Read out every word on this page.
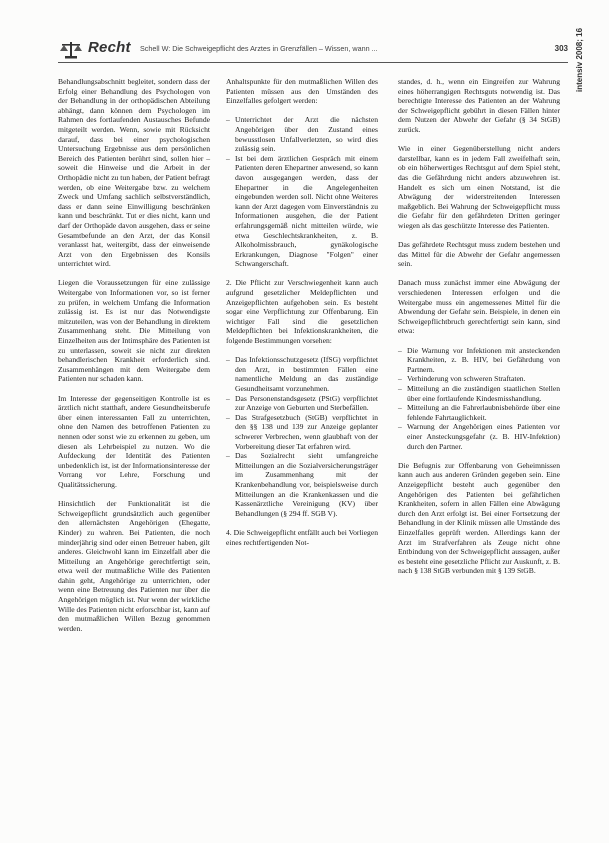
Recht Schell W: Die Schweigepflicht des Arztes in Grenzfällen – Wissen, wann ...	303 intensiv 2008; 16

Behandlungsabschnitt begleitet, sondern dass der Erfolg einer Behandlung des Psychologen von der Behandlung in der orthopädischen Abteilung abhängt, dann können dem Psychologen im Rahmen des fortlaufenden Austausches Befunde mitgeteilt werden. Wenn, sowie mit Rücksicht darauf, dass bei einer psychologischen Untersuchung Ergebnisse aus dem persönlichen Bereich des Patienten berührt sind, sollen hier – soweit die Hinweise und die Arbeit in der Orthopädie nicht zu tun haben, der Patient befragt werden, ob eine Weitergabe bzw. zu welchem Zweck und Umfang sachlich selbstverständlich, dass er dann seine Einwilligung beschränken kann und beschränkt. Tut er dies nicht, kann und darf der Orthopäde davon ausgehen, dass er seine Gesamtbefunde an den Arzt, der das Konsil veranlasst hat, weitergibt, dass der einweisende Arzt von den Ergebnissen des Konsils unterrichtet wird.

Liegen die Voraussetzungen für eine zulässige Weitergabe von Informationen vor, so ist ferner zu prüfen, in welchem Umfang die Information zulässig ist. Es ist nur das Notwendigste mitzuteilen, was von der Behandlung in direktem Zusammenhang steht. Die Mitteilung von Einzelheiten aus der Intimsphäre des Patienten ist zu unterlassen, soweit sie nicht zur direkten behandlerischen Krankheit erforderlich sind. Zusammenhängen mit dem Weitergabe dem Patienten nur schaden kann.

Im Interesse der gegenseitigen Kontrolle ist es ärztlich nicht statthaft, andere Gesundheitsberufe über einen interessanten Fall zu unterrichten, ohne den Namen des betroffenen Patienten zu nennen oder sonst wie zu erkennen zu geben, um diesen als Lehrbeispiel zu nutzen. Wo die Aufdeckung der Identität des Patienten unbedenklich ist, ist der Informationsinteresse der Vorrang vor Lehre, Forschung und Qualitätssicherung.

Hinsichtlich der Funktionalität ist die Schweigepflicht grundsätzlich auch gegenüber den allernächsten Angehörigen (Ehegatte, Kinder) zu wahren. Bei Patienten, die noch minderjährig sind oder einen Betreuer haben, gilt anderes. Gleichwohl kann im Einzelfall aber die Mitteilung an Angehörige gerechtfertigt sein, etwa weil der mutmaßliche Wille des Patienten dahin geht, Angehörige zu unterrichten, oder wenn eine Betreuung des Patienten nur über die Angehörigen möglich ist. Nur wenn der wirkliche Wille des Patienten nicht erforschbar ist, kann auf den mutmaßlichen Willen Bezug genommen werden.

Anhaltspunkte für den mutmaßlichen Willen des Patienten müssen aus den Umständen des Einzelfalles gefolgert werden:

– Unterrichtet der Arzt die nächsten Angehörigen über den Zustand eines bewusstlosen Unfallverletzten, so wird dies zulässig sein.
– Ist bei dem ärztlichen Gespräch mit einem Patienten deren Ehepartner anwesend, so kann davon ausgegangen werden, dass der Ehepartner in die Angelegenheiten eingebunden werden soll. Nicht ohne Weiteres kann der Arzt dagegen vom Einverständnis zu Informationen ausgehen, die der Patient erfahrungsgemäß nicht mitteilen würde, wie etwa Geschlechtskrankheiten, z. B. Alkoholmissbrauch, gynäkologische Erkrankungen, Diagnose "Folgen" einer Schwangerschaft.

2. Die Pflicht zur Verschwiegenheit kann auch aufgrund gesetzlicher Meldepflichten und Anzeigepflichten aufgehoben sein. Es besteht sogar eine Verpflichtung zur Offenbarung. Ein wichtiger Fall sind die gesetzlichen Meldepflichten bei Infektionskrankheiten, die folgende Bestimmungen vorsehen:

– Das Infektionsschutzgesetz (IfSG) verpflichtet den Arzt, in bestimmten Fällen eine namentliche Meldung an das zuständige Gesundheitsamt vorzunehmen.
– Das Personenstandsgesetz (PStG) verpflichtet zur Anzeige von Geburten und Sterbefällen.
– Das Strafgesetzbuch (StGB) verpflichtet in den §§ 138 und 139 zur Anzeige geplanter schwerer Verbrechen, wenn glaubhaft von der Vorbereitung dieser Tat erfahren wird.
– Das Sozialrecht sieht umfangreiche Mitteilungen an die Sozialversicherungsträger im Zusammenhang mit der Krankenbehandlung vor, beispielsweise durch Mitteilungen an die Krankenkassen und die Kassenärztliche Vereinigung (KV) über Behandlungen (§ 294 ff. SGB V).

4. Die Schweigepflicht entfällt auch bei Vorliegen eines rechtfertigenden Not-

standes, d. h., wenn ein Eingreifen zur Wahrung eines höherrangigen Rechtsguts notwendig ist. Das berechtigte Interesse des Patienten an der Wahrung der Schweigepflicht gebührt in diesen Fällen hinter dem Nutzen der Abwehr der Gefahr (§ 34 StGB) zurück.

Wie in einer Gegenüberstellung nicht anders darstellbar, kann es in jedem Fall zweifelhaft sein, ob ein höherwertiges Rechtsgut auf dem Spiel steht, das die Gefährdung nicht anders abzuwehren ist. Handelt es sich um einen Notstand, ist die Abwägung der widerstreitenden Interessen maßgeblich. Bei Wahrung der Schweigepflicht muss die Gefahr für den gefährdeten Dritten geringer wiegen als das geschützte Interesse des Patienten.

Das gefährdete Rechtsgut muss zudem bestehen und das Mittel für die Abwehr der Gefahr angemessen sein.

Danach muss zunächst immer eine Abwägung der verschiedenen Interessen erfolgen und die Weitergabe muss ein angemessenes Mittel für die Abwendung der Gefahr sein. Beispiele, in denen ein Schweigepflichtbruch gerechtfertigt sein kann, sind etwa:

– Die Warnung vor Infektionen mit ansteckenden Krankheiten, z. B. HIV, bei Gefährdung von Partnern.
– Verhinderung von schweren Straftaten.
– Mitteilung an die zuständigen staatlichen Stellen über eine fortlaufende Kindesmisshandlung.
– Mitteilung an die Fahrerlaubnisbehörde über eine fehlende Fahrtauglichkeit.
– Warnung der Angehörigen eines Patienten vor einer Ansteckungsgefahr (z. B. HIV-Infektion) durch den Partner.

Die Befugnis zur Offenbarung von Geheimnissen kann auch aus anderen Gründen gegeben sein. Eine Anzeigepflicht besteht auch gegenüber den Angehörigen des Patienten bei gefährlichen Krankheiten, sofern in allen Fällen eine Abwägung durch den Arzt erfolgt ist. Bei einer Fortsetzung der Behandlung in der Klinik müssen alle Umstände des Einzelfalles geprüft werden. Allerdings kann der Arzt im Strafverfahren als Zeuge nicht ohne Entbindung von der Schweigepflicht aussagen, außer es besteht eine gesetzliche Pflicht zur Auskunft, z. B. nach § 138 StGB verbunden mit § 139 StGB.
